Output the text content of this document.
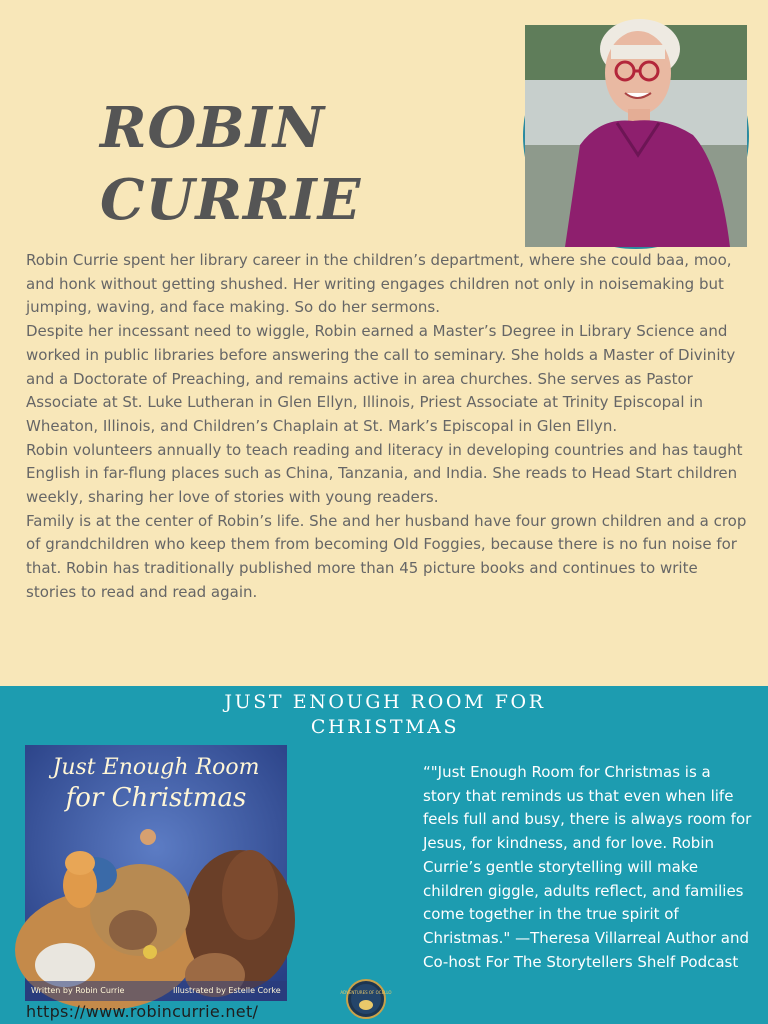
ROBIN
CURRIE

Robin Currie spent her library career in the children’s department, where she could baa, moo, and honk without getting shushed. Her writing engages children not only in noisemaking but jumping, waving, and face making. So do her sermons.

Despite her incessant need to wiggle, Robin earned a Master’s Degree in Library Science and worked in public libraries before answering the call to seminary. She holds a Master of Divinity and a Doctorate of Preaching, and remains active in area churches. She serves as Pastor Associate at St. Luke Lutheran in Glen Ellyn, Illinois, Priest Associate at Trinity Episcopal in Wheaton, Illinois, and Children’s Chaplain at St. Mark’s Episcopal in Glen Ellyn.

Robin volunteers annually to teach reading and literacy in developing countries and has taught English in far-flung places such as China, Tanzania, and India. She reads to Head Start children weekly, sharing her love of stories with young readers.

Family is at the center of Robin’s life. She and her husband have four grown children and a crop of grandchildren who keep them from becoming Old Foggies, because there is no fun noise for that. Robin has traditionally published more than 45 picture books and continues to write stories to read and read again.

JUST ENOUGH ROOM FOR
CHRISTMAS
Just Enough Room
for Christmas
Written by Robin Currie	Illustrated by Estelle Corke

“"Just Enough Room for Christmas is a story that reminds us that even when life feels full and busy, there is always room for Jesus, for kindness, and for love. Robin Currie’s gentle storytelling will make children giggle, adults reflect, and families come together in the true spirit of Christmas." —Theresa Villarreal Author and Co-host For The Storytellers Shelf Podcast

https://www.robincurrie.net/
ADVENTURES OF OCELLO
